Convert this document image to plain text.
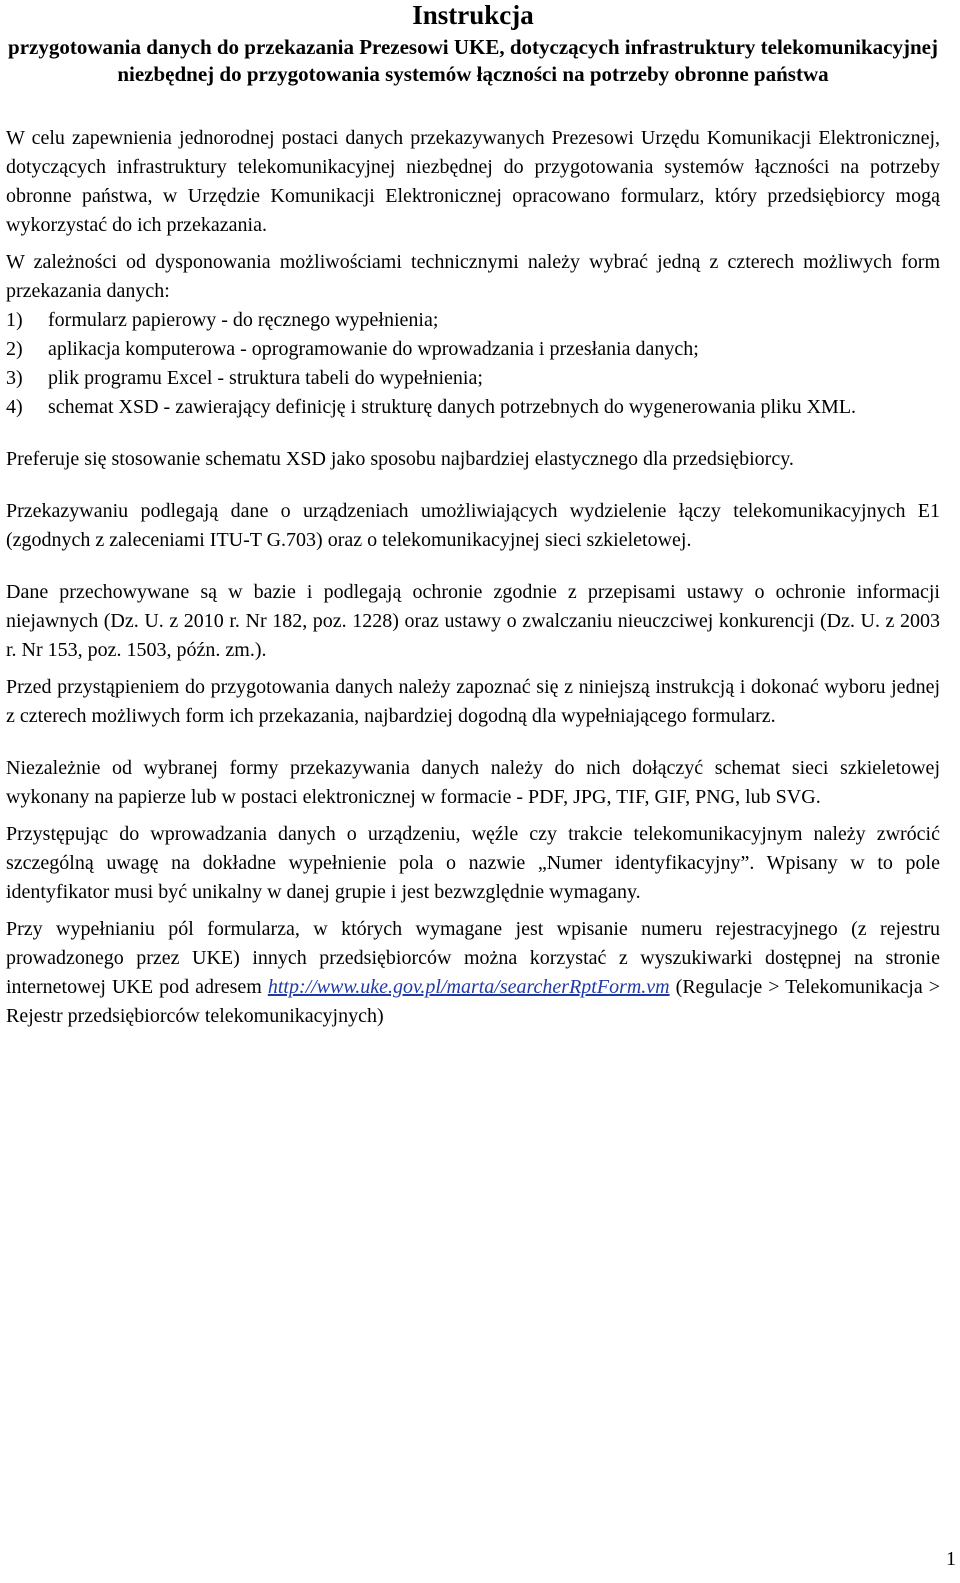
Instrukcja

przygotowania danych do przekazania Prezesowi UKE, dotyczących infrastruktury telekomunikacyjnej niezbędnej do przygotowania systemów łączności na potrzeby obronne państwa

W celu zapewnienia jednorodnej postaci danych przekazywanych Prezesowi Urzędu Komunikacji Elektronicznej, dotyczących infrastruktury telekomunikacyjnej niezbędnej do przygotowania systemów łączności na potrzeby obronne państwa, w Urzędzie Komunikacji Elektronicznej opracowano formularz, który przedsiębiorcy mogą wykorzystać do ich przekazania.

W zależności od dysponowania możliwościami technicznymi należy wybrać jedną z czterech możliwych form przekazania danych:

1)	formularz papierowy - do ręcznego wypełnienia;
2)	aplikacja komputerowa - oprogramowanie do wprowadzania i przesłania danych;
3)	plik programu Excel - struktura tabeli do wypełnienia;
4)	schemat XSD - zawierający definicję i strukturę danych potrzebnych do wygenerowania pliku XML.

Preferuje się stosowanie schematu XSD jako sposobu najbardziej elastycznego dla przedsiębiorcy.

Przekazywaniu podlegają dane o urządzeniach umożliwiających wydzielenie łączy telekomunikacyjnych E1 (zgodnych z zaleceniami ITU-T G.703) oraz o telekomunikacyjnej sieci szkieletowej.

Dane przechowywane są w bazie i podlegają ochronie zgodnie z przepisami ustawy o ochronie informacji niejawnych (Dz. U. z 2010 r. Nr 182, poz. 1228) oraz ustawy o zwalczaniu nieuczciwej konkurencji (Dz. U. z 2003 r. Nr 153, poz. 1503, późn. zm.).

Przed przystąpieniem do przygotowania danych należy zapoznać się z niniejszą instrukcją i dokonać wyboru jednej z czterech możliwych form ich przekazania, najbardziej dogodną dla wypełniającego formularz.

Niezależnie od wybranej formy przekazywania danych należy do nich dołączyć schemat sieci szkieletowej wykonany na papierze lub w postaci elektronicznej w formacie - PDF, JPG, TIF, GIF, PNG, lub SVG.

Przystępując do wprowadzania danych o urządzeniu, węźle czy trakcie telekomunikacyjnym należy zwrócić szczególną uwagę na dokładne wypełnienie pola o nazwie „Numer identyfikacyjny”. Wpisany w to pole identyfikator musi być unikalny w danej grupie i jest bezwzględnie wymagany.

Przy wypełnianiu pól formularza, w których wymagane jest wpisanie numeru rejestracyjnego (z rejestru prowadzonego przez UKE) innych przedsiębiorców można korzystać z wyszukiwarki dostępnej na stronie internetowej UKE pod adresem http://www.uke.gov.pl/marta/searcherRptForm.vm (Regulacje > Telekomunikacja > Rejestr przedsiębiorców telekomunikacyjnych)

1
